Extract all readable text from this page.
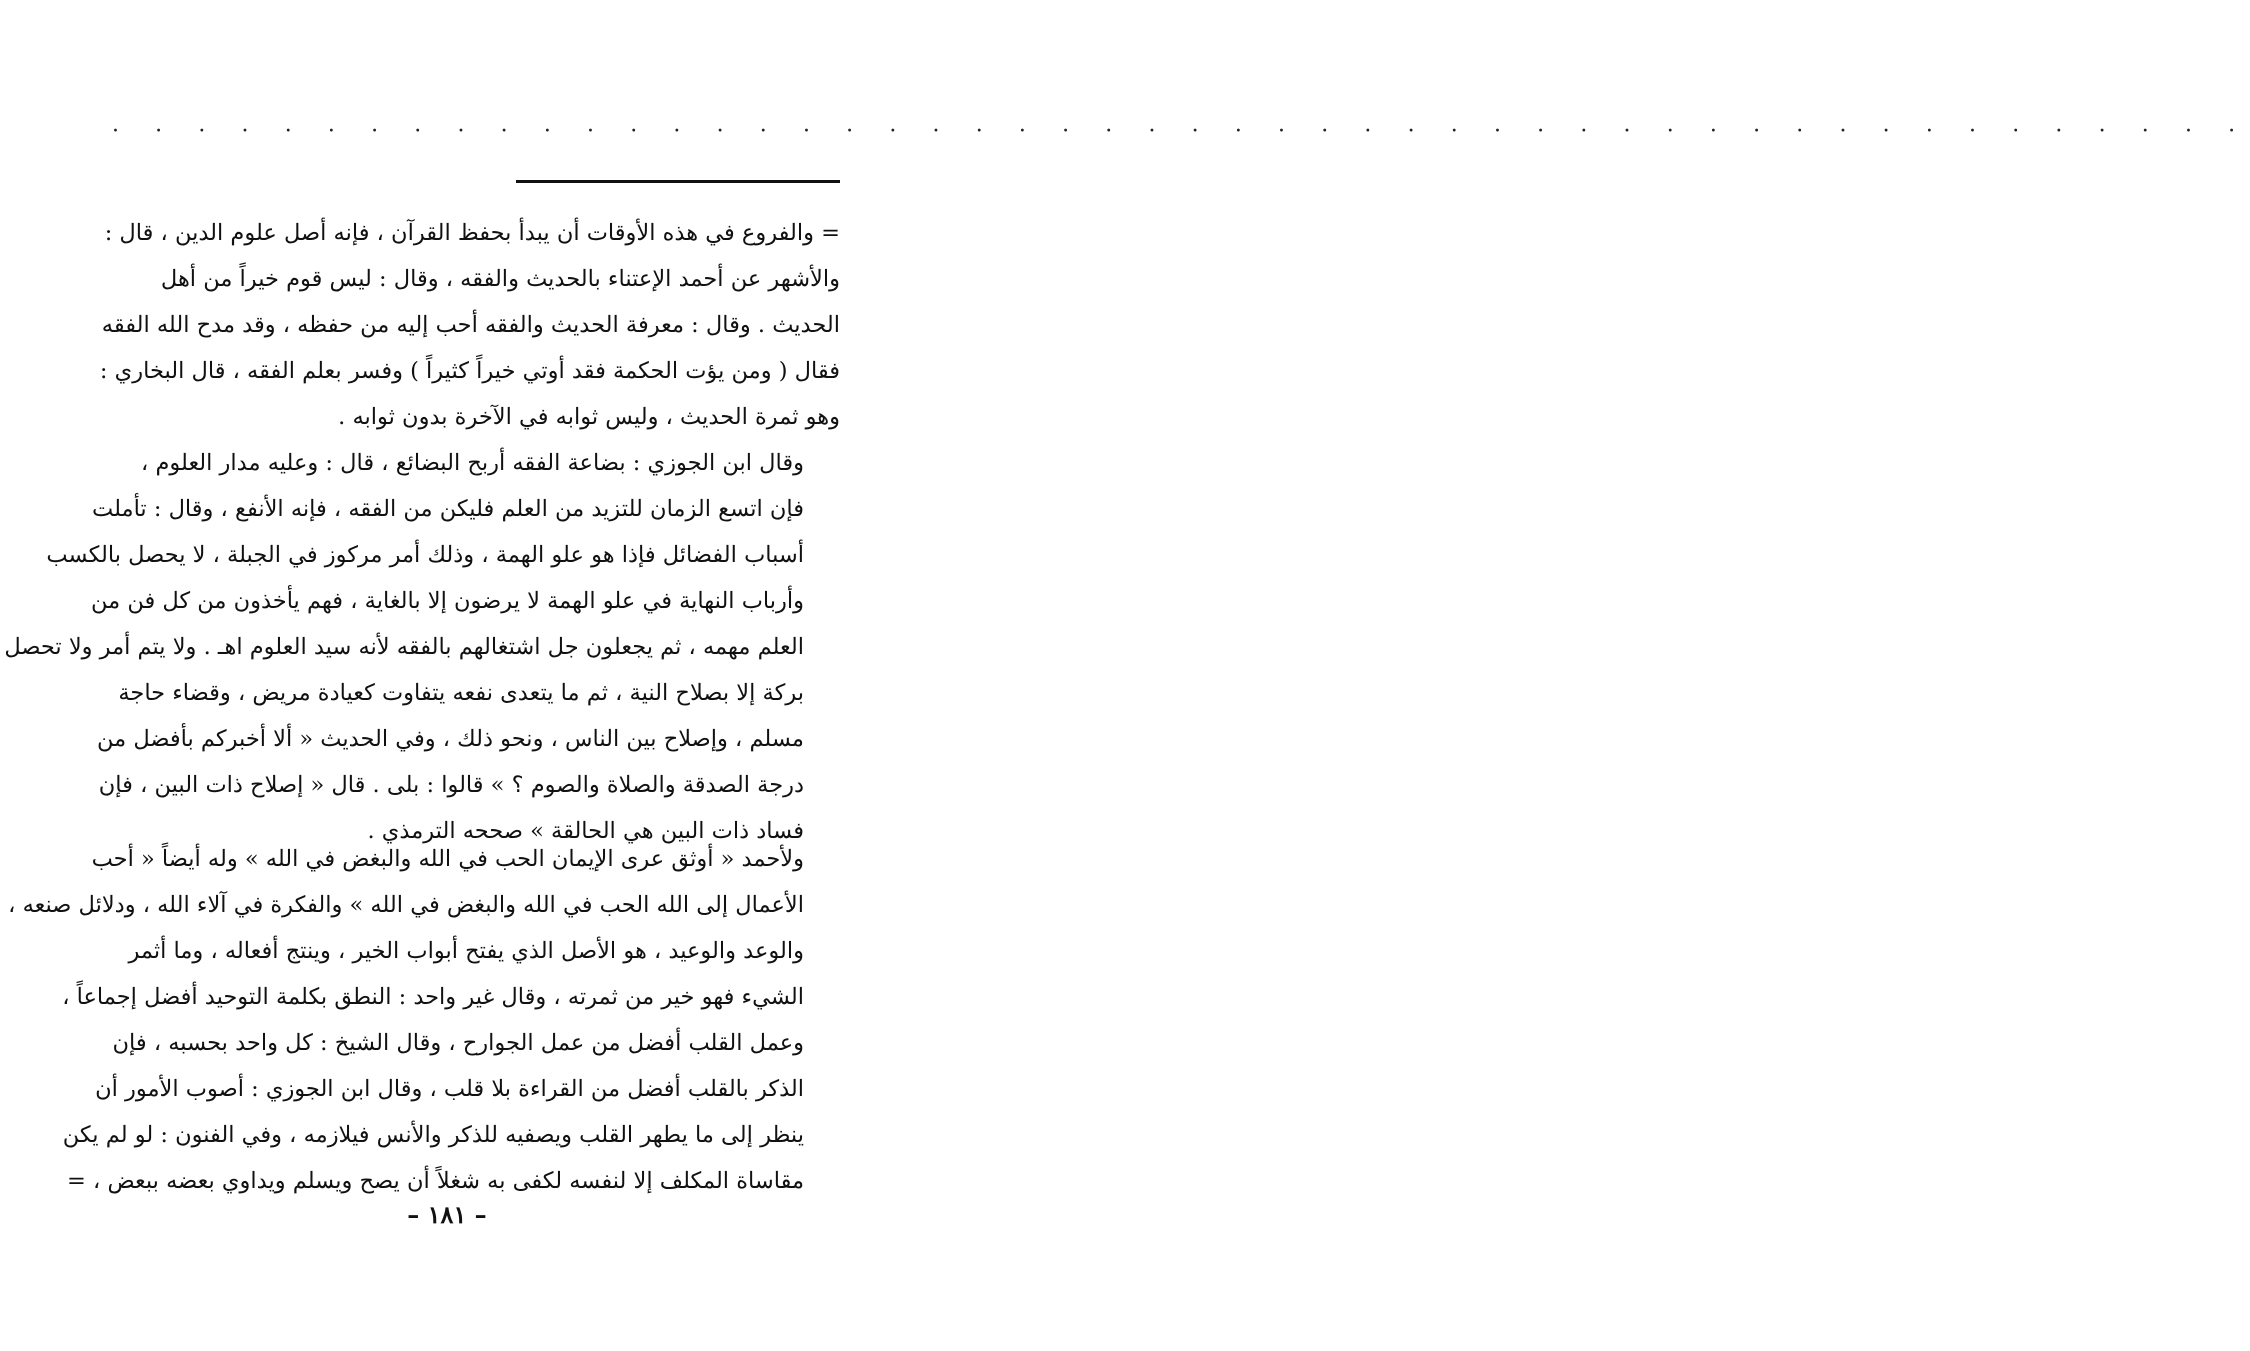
· · · · · · · · · · · · · · · · · · · · · · · · · · · · · · · · · · · · · · · · · · · · · · · · · ·
= والفروع في هذه الأوقات أن يبدأ بحفظ القرآن ، فإنه أصل علوم الدين ، قال :
والأشهر عن أحمد الإعتناء بالحديث والفقه ، وقال : ليس قوم خيراً من أهل
الحديث . وقال : معرفة الحديث والفقه أحب إليه من حفظه ، وقد مدح الله الفقه
فقال ( ومن يؤت الحكمة فقد أوتي خيراً كثيراً ) وفسر بعلم الفقه ، قال البخاري :
وهو ثمرة الحديث ، وليس ثوابه في الآخرة بدون ثوابه .
وقال ابن الجوزي : بضاعة الفقه أربح البضائع ، قال : وعليه مدار العلوم ،
فإن اتسع الزمان للتزيد من العلم فليكن من الفقه ، فإنه الأنفع ، وقال : تأملت
أسباب الفضائل فإذا هو علو الهمة ، وذلك أمر مركوز في الجبلة ، لا يحصل بالكسب
وأرباب النهاية في علو الهمة لا يرضون إلا بالغاية ، فهم يأخذون من كل فن من
العلم مهمه ، ثم يجعلون جل اشتغالهم بالفقه لأنه سيد العلوم اهـ . ولا يتم أمر ولا تحصل
بركة إلا بصلاح النية ، ثم ما يتعدى نفعه يتفاوت كعيادة مريض ، وقضاء حاجة
مسلم ، وإصلاح بين الناس ، ونحو ذلك ، وفي الحديث « ألا أخبركم بأفضل من
درجة الصدقة والصلاة والصوم ؟ » قالوا : بلى . قال « إصلاح ذات البين ، فإن
فساد ذات البين هي الحالقة » صححه الترمذي .
ولأحمد « أوثق عرى الإيمان الحب في الله والبغض في الله » وله أيضاً « أحب
الأعمال إلى الله الحب في الله والبغض في الله » والفكرة في آلاء الله ، ودلائل صنعه ،
والوعد والوعيد ، هو الأصل الذي يفتح أبواب الخير ، وينتج أفعاله ، وما أثمر
الشيء فهو خير من ثمرته ، وقال غير واحد : النطق بكلمة التوحيد أفضل إجماعاً ،
وعمل القلب أفضل من عمل الجوارح ، وقال الشيخ : كل واحد بحسبه ، فإن
الذكر بالقلب أفضل من القراءة بلا قلب ، وقال ابن الجوزي : أصوب الأمور أن
ينظر إلى ما يطهر القلب ويصفيه للذكر والأنس فيلازمه ، وفي الفنون : لو لم يكن
مقاساة المكلف إلا لنفسه لكفى به شغلاً أن يصح ويسلم ويداوي بعضه ببعض ، =
– ١٨١ –
